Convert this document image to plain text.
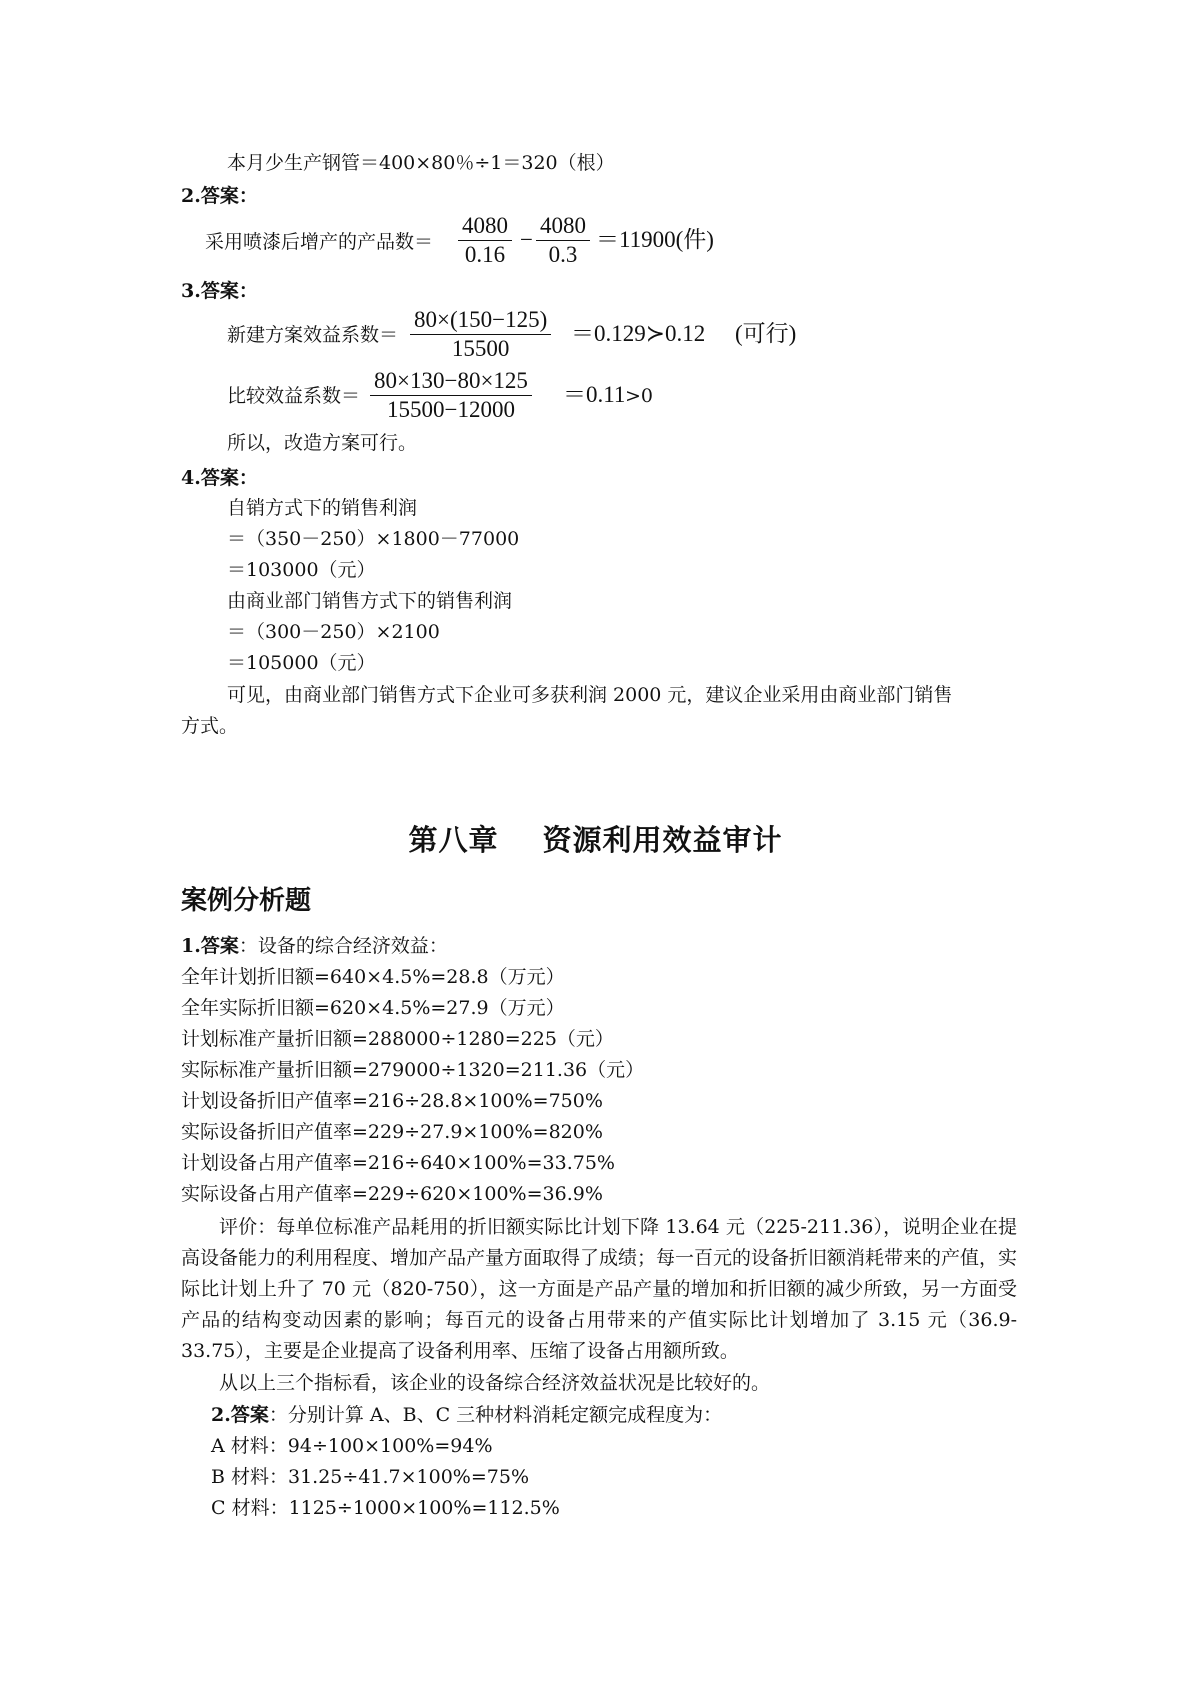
本月少生产钢管＝400×80％÷1＝320（根）
2.答案：
采用喷漆后增产的产品数＝ $\frac{4080}{0.16} - \frac{4080}{0.3} =11900$(件)
3.答案：
新建方案效益系数＝ $\frac{80\times(150-125)}{15500}$ ＝0.129≻0.12 (可行)
比较效益系数＝ $\frac{80\times 130-80\times 125}{15500-12000} =0.11 >0$
所以，改造方案可行。
4.答案：
自销方式下的销售利润
＝（350－250）×1800－77000
＝103000（元）
由商业部门销售方式下的销售利润
＝（300－250）×2100
＝105000（元）
可见，由商业部门销售方式下企业可多获利润 2000 元，建议企业采用由商业部门销售
方式。
第八章 资源利用效益审计
案例分析题
1.答案：设备的综合经济效益：
全年计划折旧额=640×4.5%=28.8（万元）
全年实际折旧额=620×4.5%=27.9（万元）
计划标准产量折旧额=288000÷1280=225（元）
实际标准产量折旧额=279000÷1320=211.36（元）
计划设备折旧产值率=216÷28.8×100%=750%
实际设备折旧产值率=229÷27.9×100%=820%
计划设备占用产值率=216÷640×100%=33.75%
实际设备占用产值率=229÷620×100%=36.9%
评价：每单位标准产品耗用的折旧额实际比计划下降 13.64 元（225-211.36），说明企业在提高设备能力的利用程度、增加产品产量方面取得了成绩；每一百元的设备折旧额消耗带来的产值，实际比计划上升了 70 元（820-750），这一方面是产品产量的增加和折旧额的减少所致，另一方面受产品的结构变动因素的影响；每百元的设备占用带来的产值实际比计划增加了 3.15 元（36.9-33.75），主要是企业提高了设备利用率、压缩了设备占用额所致。
从以上三个指标看，该企业的设备综合经济效益状况是比较好的。
2.答案：分别计算 A、B、C 三种材料消耗定额完成程度为：
A 材料：94÷100×100%=94%
B 材料：31.25÷41.7×100%=75%
C 材料：1125÷1000×100%=112.5%
